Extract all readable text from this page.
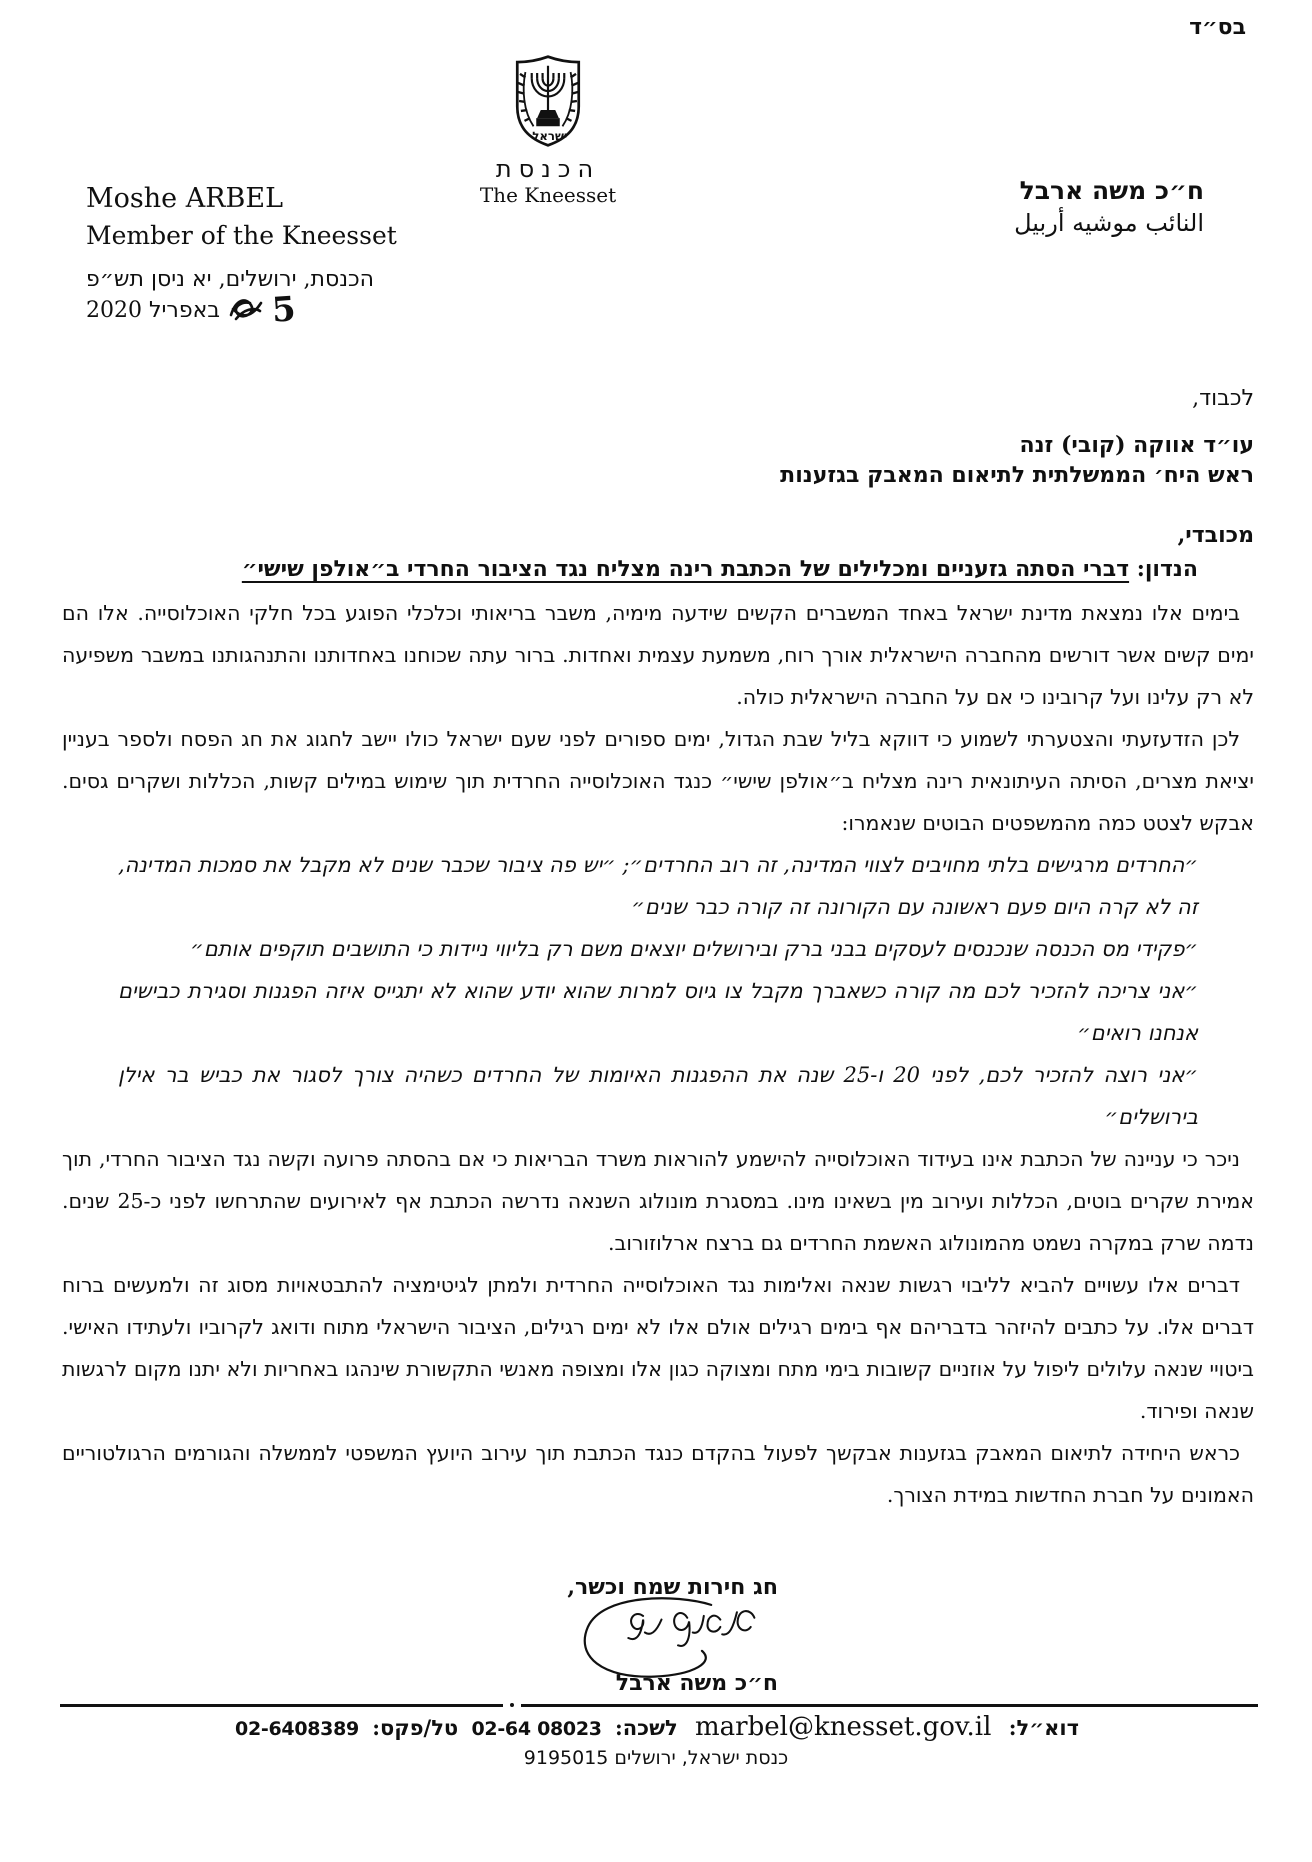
בס״ד
ישראל
הכנסת
The Kneesset
Moshe ARBEL
Member of the Kneesset
ח״כ משה ארבל
النائب موشيه أربيل
הכנסת, ירושלים, יא ניסן תש״פ
5באפריל 2020
לכבוד,
עו״ד אווקה (קובי) זנה
ראש היח׳ הממשלתית לתיאום המאבק בגזענות
מכובדי,
הנדון: דברי הסתה גזעניים ומכלילים של הכתבת רינה מצליח נגד הציבור החרדי ב״אולפן שישי״

בימים אלו נמצאת מדינת ישראל באחד המשברים הקשים שידעה מימיה, משבר בריאותי וכלכלי הפוגע בכל חלקי האוכלוסייה. אלו הם ימים קשים אשר דורשים מהחברה הישראלית אורך רוח, משמעת עצמית ואחדות. ברור עתה שכוחנו באחדותנו והתנהגותנו במשבר משפיעה לא רק עלינו ועל קרובינו כי אם על החברה הישראלית כולה.

לכן הזדעזעתי והצטערתי לשמוע כי דווקא בליל שבת הגדול, ימים ספורים לפני שעם ישראל כולו יישב לחגוג את חג הפסח ולספר בעניין יציאת מצרים, הסיתה העיתונאית רינה מצליח ב״אולפן שישי״ כנגד האוכלוסייה החרדית תוך שימוש במילים קשות, הכללות ושקרים גסים. אבקש לצטט כמה מהמשפטים הבוטים שנאמרו:

״החרדים מרגישים בלתי מחויבים לצווי המדינה, זה רוב החרדים״; ״יש פה ציבור שכבר שנים לא מקבל את סמכות המדינה, זה לא קרה היום פעם ראשונה עם הקורונה זה קורה כבר שנים״

״פקידי מס הכנסה שנכנסים לעסקים בבני ברק ובירושלים יוצאים משם רק בליווי ניידות כי התושבים תוקפים אותם״

״אני צריכה להזכיר לכם מה קורה כשאברך מקבל צו גיוס למרות שהוא יודע שהוא לא יתגייס איזה הפגנות וסגירת כבישים אנחנו רואים״

״אני רוצה להזכיר לכם, לפני 20 ו-25 שנה את ההפגנות האיומות של החרדים כשהיה צורך לסגור את כביש בר אילן בירושלים״

ניכר כי עניינה של הכתבת אינו בעידוד האוכלוסייה להישמע להוראות משרד הבריאות כי אם בהסתה פרועה וקשה נגד הציבור החרדי, תוך אמירת שקרים בוטים, הכללות ועירוב מין בשאינו מינו. במסגרת מונולוג השנאה נדרשה הכתבת אף לאירועים שהתרחשו לפני כ-25 שנים. נדמה שרק במקרה נשמט מהמונולוג האשמת החרדים גם ברצח ארלוזורוב.

דברים אלו עשויים להביא לליבוי רגשות שנאה ואלימות נגד האוכלוסייה החרדית ולמתן לגיטימציה להתבטאויות מסוג זה ולמעשים ברוח דברים אלו. על כתבים להיזהר בדבריהם אף בימים רגילים אולם אלו לא ימים רגילים, הציבור הישראלי מתוח ודואג לקרוביו ולעתידו האישי. ביטויי שנאה עלולים ליפול על אוזניים קשובות בימי מתח ומצוקה כגון אלו ומצופה מאנשי התקשורת שינהגו באחריות ולא יתנו מקום לרגשות שנאה ופירוד.

כראש היחידה לתיאום המאבק בגזענות אבקשך לפעול בהקדם כנגד הכתבת תוך עירוב היועץ המשפטי לממשלה והגורמים הרגולטוריים האמונים על חברת החדשות במידת הצורך.

חג חירות שמח וכשר,
ח״כ משה ארבל
דוא״ל: marbel@knesset.gov.il לשכה: 02-64 08023 טל/פקס: 02-6408389
כנסת ישראל, ירושלים 9195015
